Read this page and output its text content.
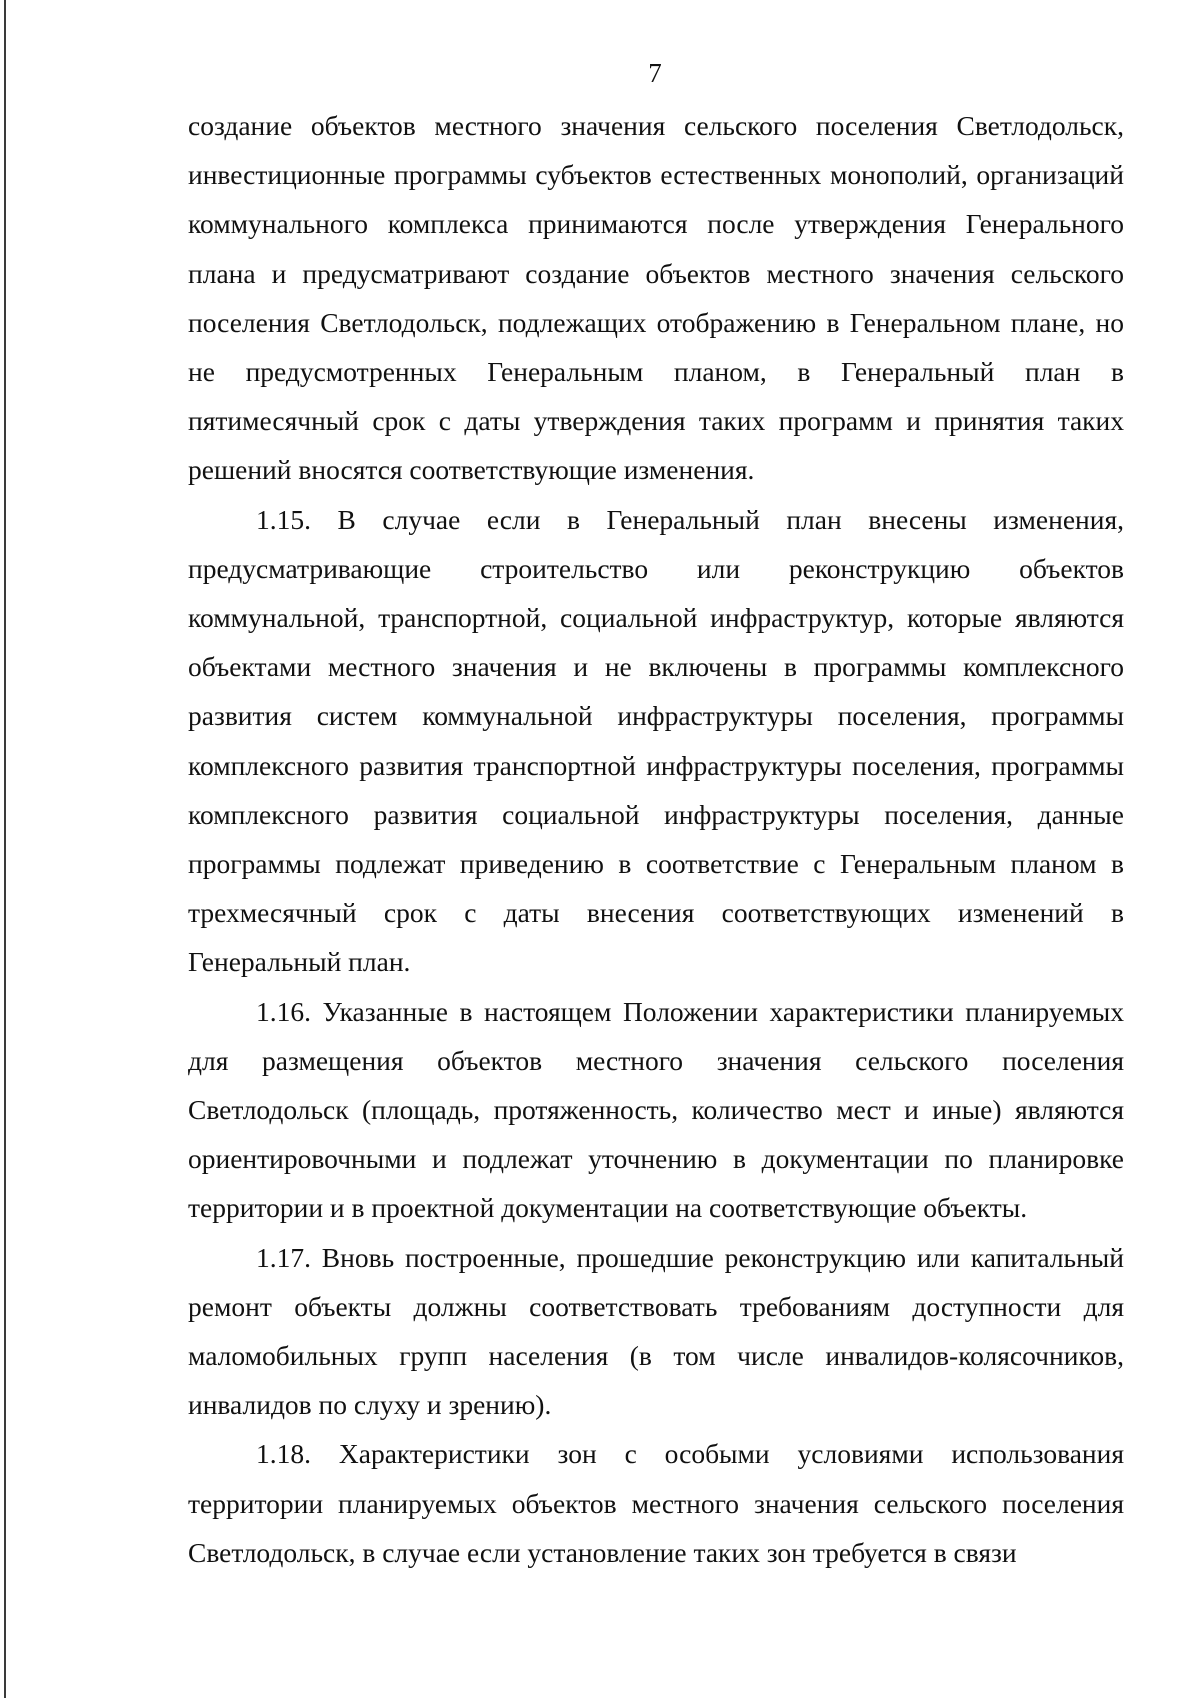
7

создание объектов местного значения сельского поселения Светлодольск, инвестиционные программы субъектов естественных монополий, организаций коммунального комплекса принимаются после утверждения Генерального плана и предусматривают создание объектов местного значения сельского поселения Светлодольск, подлежащих отображению в Генеральном плане, но не предусмотренных Генеральным планом, в Генеральный план в пятимесячный срок с даты утверждения таких программ и принятия таких решений вносятся соответствующие изменения.

1.15. В случае если в Генеральный план внесены изменения, предусматривающие строительство или реконструкцию объектов коммунальной, транспортной, социальной инфраструктур, которые являются объектами местного значения и не включены в программы комплексного развития систем коммунальной инфраструктуры поселения, программы комплексного развития транспортной инфраструктуры поселения, программы комплексного развития социальной инфраструктуры поселения, данные программы подлежат приведению в соответствие с Генеральным планом в трехмесячный срок с даты внесения соответствующих изменений в Генеральный план.

1.16. Указанные в настоящем Положении характеристики планируемых для размещения объектов местного значения сельского поселения Светлодольск (площадь, протяженность, количество мест и иные) являются ориентировочными и подлежат уточнению в документации по планировке территории и в проектной документации на соответствующие объекты.

1.17. Вновь построенные, прошедшие реконструкцию или капитальный ремонт объекты должны соответствовать требованиям доступности для маломобильных групп населения (в том числе инвалидов-колясочников, инвалидов по слуху и зрению).

1.18. Характеристики зон с особыми условиями использования территории планируемых объектов местного значения сельского поселения Светлодольск, в случае если установление таких зон требуется в связи
